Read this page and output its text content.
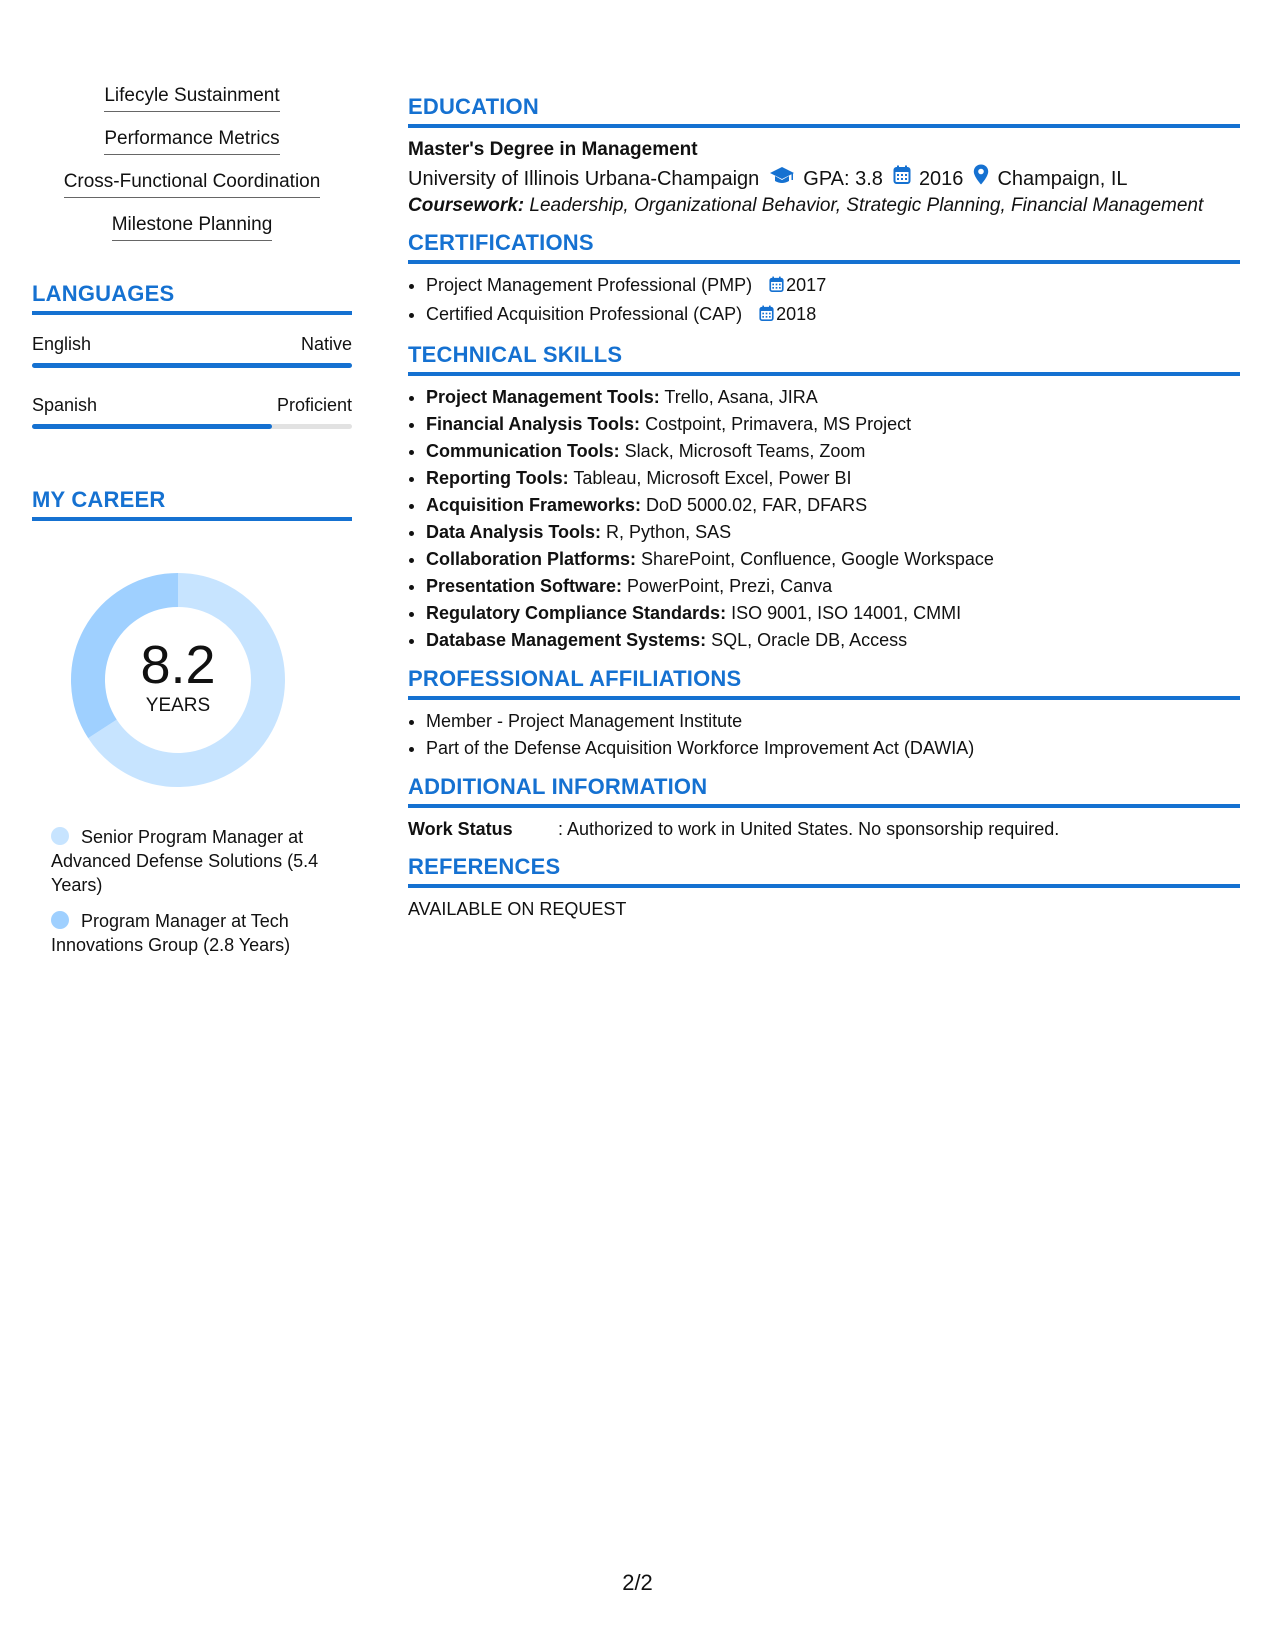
Lifecyle Sustainment
Performance Metrics
Cross-Functional Coordination
Milestone Planning
LANGUAGES
English	Native
Spanish	Proficient
MY CAREER
8.2
YEARS
Senior Program Manager at Advanced Defense Solutions (5.4 Years)
Program Manager at Tech Innovations Group (2.8 Years)
EDUCATION
Master's Degree in Management
University of Illinois Urbana-Champaign GPA: 3.8 2016 Champaign, IL
Coursework: Leadership, Organizational Behavior, Strategic Planning, Financial Management
CERTIFICATIONS
• Project Management Professional (PMP) 2017
• Certified Acquisition Professional (CAP) 2018
TECHNICAL SKILLS
• Project Management Tools: Trello, Asana, JIRA
• Financial Analysis Tools: Costpoint, Primavera, MS Project
• Communication Tools: Slack, Microsoft Teams, Zoom
• Reporting Tools: Tableau, Microsoft Excel, Power BI
• Acquisition Frameworks: DoD 5000.02, FAR, DFARS
• Data Analysis Tools: R, Python, SAS
• Collaboration Platforms: SharePoint, Confluence, Google Workspace
• Presentation Software: PowerPoint, Prezi, Canva
• Regulatory Compliance Standards: ISO 9001, ISO 14001, CMMI
• Database Management Systems: SQL, Oracle DB, Access
PROFESSIONAL AFFILIATIONS
• Member - Project Management Institute
• Part of the Defense Acquisition Workforce Improvement Act (DAWIA)
ADDITIONAL INFORMATION
Work Status	: Authorized to work in United States. No sponsorship required.
REFERENCES
AVAILABLE ON REQUEST
2/2
